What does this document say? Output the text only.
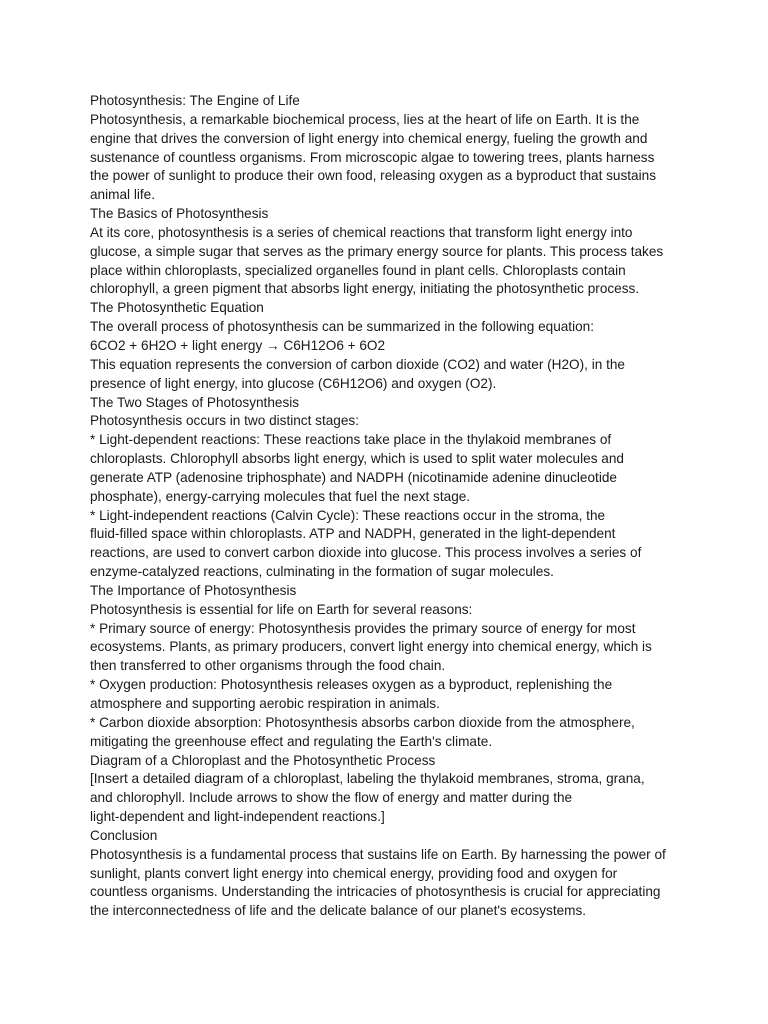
Photosynthesis: The Engine of Life

Photosynthesis, a remarkable biochemical process, lies at the heart of life on Earth. It is the

engine that drives the conversion of light energy into chemical energy, fueling the growth and

sustenance of countless organisms. From microscopic algae to towering trees, plants harness

the power of sunlight to produce their own food, releasing oxygen as a byproduct that sustains

animal life.

The Basics of Photosynthesis

At its core, photosynthesis is a series of chemical reactions that transform light energy into

glucose, a simple sugar that serves as the primary energy source for plants. This process takes

place within chloroplasts, specialized organelles found in plant cells. Chloroplasts contain

chlorophyll, a green pigment that absorbs light energy, initiating the photosynthetic process.

The Photosynthetic Equation

The overall process of photosynthesis can be summarized in the following equation:

6CO2 + 6H2O + light energy → C6H12O6 + 6O2

This equation represents the conversion of carbon dioxide (CO2) and water (H2O), in the

presence of light energy, into glucose (C6H12O6) and oxygen (O2).

The Two Stages of Photosynthesis

Photosynthesis occurs in two distinct stages:

* Light-dependent reactions: These reactions take place in the thylakoid membranes of

chloroplasts. Chlorophyll absorbs light energy, which is used to split water molecules and

generate ATP (adenosine triphosphate) and NADPH (nicotinamide adenine dinucleotide

phosphate), energy-carrying molecules that fuel the next stage.

* Light-independent reactions (Calvin Cycle): These reactions occur in the stroma, the

fluid-filled space within chloroplasts. ATP and NADPH, generated in the light-dependent

reactions, are used to convert carbon dioxide into glucose. This process involves a series of

enzyme-catalyzed reactions, culminating in the formation of sugar molecules.

The Importance of Photosynthesis

Photosynthesis is essential for life on Earth for several reasons:

* Primary source of energy: Photosynthesis provides the primary source of energy for most

ecosystems. Plants, as primary producers, convert light energy into chemical energy, which is

then transferred to other organisms through the food chain.

* Oxygen production: Photosynthesis releases oxygen as a byproduct, replenishing the

atmosphere and supporting aerobic respiration in animals.

* Carbon dioxide absorption: Photosynthesis absorbs carbon dioxide from the atmosphere,

mitigating the greenhouse effect and regulating the Earth's climate.

Diagram of a Chloroplast and the Photosynthetic Process

[Insert a detailed diagram of a chloroplast, labeling the thylakoid membranes, stroma, grana,

and chlorophyll. Include arrows to show the flow of energy and matter during the

light-dependent and light-independent reactions.]

Conclusion

Photosynthesis is a fundamental process that sustains life on Earth. By harnessing the power of

sunlight, plants convert light energy into chemical energy, providing food and oxygen for

countless organisms. Understanding the intricacies of photosynthesis is crucial for appreciating

the interconnectedness of life and the delicate balance of our planet's ecosystems.
